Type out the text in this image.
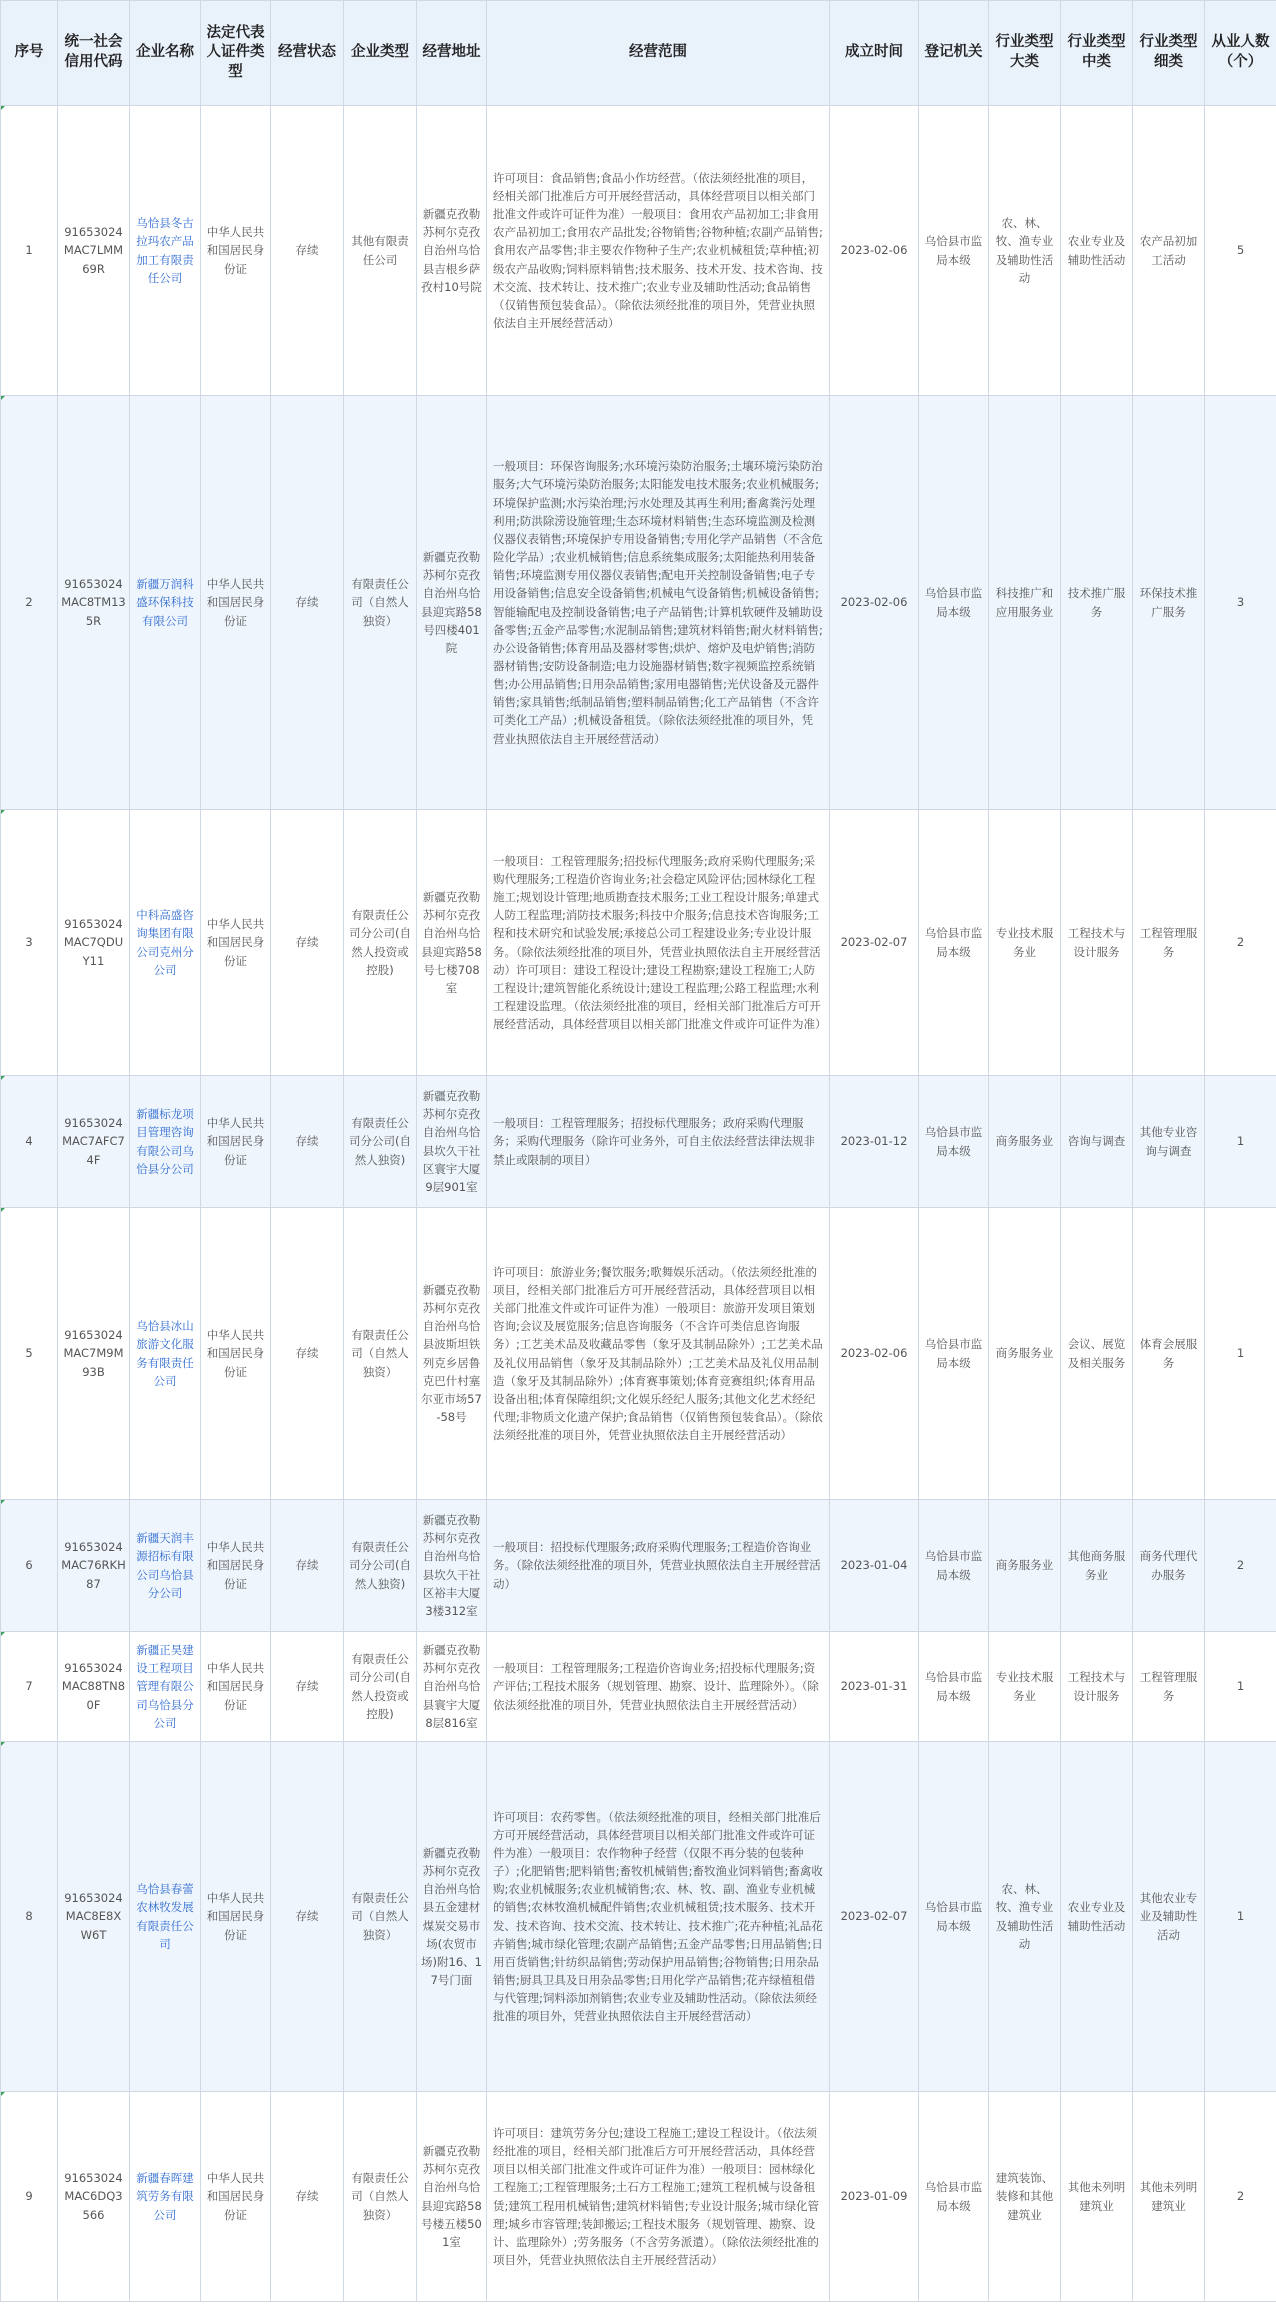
序号	统一社会信用代码	企业名称	法定代表人证件类型	经营状态	企业类型	经营地址	经营范围	成立时间	登记机关	行业类型大类	行业类型中类	行业类型细类	从业人数（个）
1	91653024MAC7LMM69R	乌恰县冬古拉玛农产品加工有限责任公司	中华人民共和国居民身份证	存续	其他有限责任公司	新疆克孜勒苏柯尔克孜自治州乌恰县吉根乡萨孜村10号院	许可项目：食品销售;食品小作坊经营。（依法须经批准的项目，经相关部门批准后方可开展经营活动，具体经营项目以相关部门批准文件或许可证件为准）一般项目：食用农产品初加工;非食用农产品初加工;食用农产品批发;谷物销售;谷物种植;农副产品销售;食用农产品零售;非主要农作物种子生产;农业机械租赁;草种植;初级农产品收购;饲料原料销售;技术服务、技术开发、技术咨询、技术交流、技术转让、技术推广;农业专业及辅助性活动;食品销售（仅销售预包装食品）。（除依法须经批准的项目外，凭营业执照依法自主开展经营活动）	2023-02-06	乌恰县市监局本级	农、林、牧、渔专业及辅助性活动	农业专业及辅助性活动	农产品初加工活动	5
2	91653024MAC8TM135R	新疆万润科盛环保科技有限公司	中华人民共和国居民身份证	存续	有限责任公司（自然人独资）	新疆克孜勒苏柯尔克孜自治州乌恰县迎宾路58号四楼401院	一般项目：环保咨询服务;水环境污染防治服务;土壤环境污染防治服务;大气环境污染防治服务;太阳能发电技术服务;农业机械服务;环境保护监测;水污染治理;污水处理及其再生利用;畜禽粪污处理利用;防洪除涝设施管理;生态环境材料销售;生态环境监测及检测仪器仪表销售;环境保护专用设备销售;专用化学产品销售（不含危险化学品）;农业机械销售;信息系统集成服务;太阳能热利用装备销售;环境监测专用仪器仪表销售;配电开关控制设备销售;电子专用设备销售;信息安全设备销售;机械电气设备销售;机械设备销售;智能输配电及控制设备销售;电子产品销售;计算机软硬件及辅助设备零售;五金产品零售;水泥制品销售;建筑材料销售;耐火材料销售;办公设备销售;体育用品及器材零售;烘炉、熔炉及电炉销售;消防器材销售;安防设备制造;电力设施器材销售;数字视频监控系统销售;办公用品销售;日用杂品销售;家用电器销售;光伏设备及元器件销售;家具销售;纸制品销售;塑料制品销售;化工产品销售（不含许可类化工产品）;机械设备租赁。（除依法须经批准的项目外，凭营业执照依法自主开展经营活动）	2023-02-06	乌恰县市监局本级	科技推广和应用服务业	技术推广服务	环保技术推广服务	3
3	91653024MAC7QDUY11	中科高盛咨询集团有限公司克州分公司	中华人民共和国居民身份证	存续	有限责任公司分公司(自然人投资或控股)	新疆克孜勒苏柯尔克孜自治州乌恰县迎宾路58号七楼708室	一般项目：工程管理服务;招投标代理服务;政府采购代理服务;采购代理服务;工程造价咨询业务;社会稳定风险评估;园林绿化工程施工;规划设计管理;地质勘查技术服务;工业工程设计服务;单建式人防工程监理;消防技术服务;科技中介服务;信息技术咨询服务;工程和技术研究和试验发展;承接总公司工程建设业务;专业设计服务。（除依法须经批准的项目外，凭营业执照依法自主开展经营活动）许可项目：建设工程设计;建设工程勘察;建设工程施工;人防工程设计;建筑智能化系统设计;建设工程监理;公路工程监理;水利工程建设监理。（依法须经批准的项目，经相关部门批准后方可开展经营活动，具体经营项目以相关部门批准文件或许可证件为准）	2023-02-07	乌恰县市监局本级	专业技术服务业	工程技术与设计服务	工程管理服务	2
4	91653024MAC7AFC74F	新疆标龙项目管理咨询有限公司乌恰县分公司	中华人民共和国居民身份证	存续	有限责任公司分公司(自然人独资)	新疆克孜勒苏柯尔克孜自治州乌恰县坎久干社区寰宇大厦9层901室	一般项目：工程管理服务；招投标代理服务；政府采购代理服务；采购代理服务（除许可业务外，可自主依法经营法律法规非禁止或限制的项目）	2023-01-12	乌恰县市监局本级	商务服务业	咨询与调查	其他专业咨询与调查	1
5	91653024MAC7M9M93B	乌恰县冰山旅游文化服务有限责任公司	中华人民共和国居民身份证	存续	有限责任公司（自然人独资）	新疆克孜勒苏柯尔克孜自治州乌恰县波斯坦铁列克乡居鲁克巴什村塞尔亚市场57-58号	许可项目：旅游业务;餐饮服务;歌舞娱乐活动。（依法须经批准的项目，经相关部门批准后方可开展经营活动，具体经营项目以相关部门批准文件或许可证件为准）一般项目：旅游开发项目策划咨询;会议及展览服务;信息咨询服务（不含许可类信息咨询服务）;工艺美术品及收藏品零售（象牙及其制品除外）;工艺美术品及礼仪用品销售（象牙及其制品除外）;工艺美术品及礼仪用品制造（象牙及其制品除外）;体育赛事策划;体育竞赛组织;体育用品设备出租;体育保障组织;文化娱乐经纪人服务;其他文化艺术经纪代理;非物质文化遗产保护;食品销售（仅销售预包装食品）。（除依法须经批准的项目外，凭营业执照依法自主开展经营活动）	2023-02-06	乌恰县市监局本级	商务服务业	会议、展览及相关服务	体育会展服务	1
6	91653024MAC76RKH87	新疆天润丰源招标有限公司乌恰县分公司	中华人民共和国居民身份证	存续	有限责任公司分公司(自然人独资)	新疆克孜勒苏柯尔克孜自治州乌恰县坎久干社区裕丰大厦3楼312室	一般项目：招投标代理服务;政府采购代理服务;工程造价咨询业务。（除依法须经批准的项目外，凭营业执照依法自主开展经营活动）	2023-01-04	乌恰县市监局本级	商务服务业	其他商务服务业	商务代理代办服务	2
7	91653024MAC88TN80F	新疆正昊建设工程项目管理有限公司乌恰县分公司	中华人民共和国居民身份证	存续	有限责任公司分公司(自然人投资或控股)	新疆克孜勒苏柯尔克孜自治州乌恰县寰宇大厦8层816室	一般项目：工程管理服务;工程造价咨询业务;招投标代理服务;资产评估;工程技术服务（规划管理、勘察、设计、监理除外）。（除依法须经批准的项目外，凭营业执照依法自主开展经营活动）	2023-01-31	乌恰县市监局本级	专业技术服务业	工程技术与设计服务	工程管理服务	1
8	91653024MAC8E8XW6T	乌恰县春蕾农林牧发展有限责任公司	中华人民共和国居民身份证	存续	有限责任公司（自然人独资）	新疆克孜勒苏柯尔克孜自治州乌恰县五金建材煤炭交易市场(农贸市场)附16、17号门面	许可项目：农药零售。（依法须经批准的项目，经相关部门批准后方可开展经营活动，具体经营项目以相关部门批准文件或许可证件为准）一般项目：农作物种子经营（仅限不再分装的包装种子）;化肥销售;肥料销售;畜牧机械销售;畜牧渔业饲料销售;畜禽收购;农业机械服务;农业机械销售;农、林、牧、副、渔业专业机械的销售;农林牧渔机械配件销售;农业机械租赁;技术服务、技术开发、技术咨询、技术交流、技术转让、技术推广;花卉种植;礼品花卉销售;城市绿化管理;农副产品销售;五金产品零售;日用品销售;日用百货销售;针纺织品销售;劳动保护用品销售;谷物销售;日用杂品销售;厨具卫具及日用杂品零售;日用化学产品销售;花卉绿植租借与代管理;饲料添加剂销售;农业专业及辅助性活动。（除依法须经批准的项目外，凭营业执照依法自主开展经营活动）	2023-02-07	乌恰县市监局本级	农、林、牧、渔专业及辅助性活动	农业专业及辅助性活动	其他农业专业及辅助性活动	1
9	91653024MAC6DQ3566	新疆春晖建筑劳务有限公司	中华人民共和国居民身份证	存续	有限责任公司（自然人独资）	新疆克孜勒苏柯尔克孜自治州乌恰县迎宾路58号楼五楼501室	许可项目：建筑劳务分包;建设工程施工;建设工程设计。（依法须经批准的项目，经相关部门批准后方可开展经营活动，具体经营项目以相关部门批准文件或许可证件为准）一般项目：园林绿化工程施工;工程管理服务;土石方工程施工;建筑工程机械与设备租赁;建筑工程用机械销售;建筑材料销售;专业设计服务;城市绿化管理;城乡市容管理;装卸搬运;工程技术服务（规划管理、勘察、设计、监理除外）;劳务服务（不含劳务派遣）。（除依法须经批准的项目外，凭营业执照依法自主开展经营活动）	2023-01-09	乌恰县市监局本级	建筑装饰、装修和其他建筑业	其他未列明建筑业	其他未列明建筑业	2
